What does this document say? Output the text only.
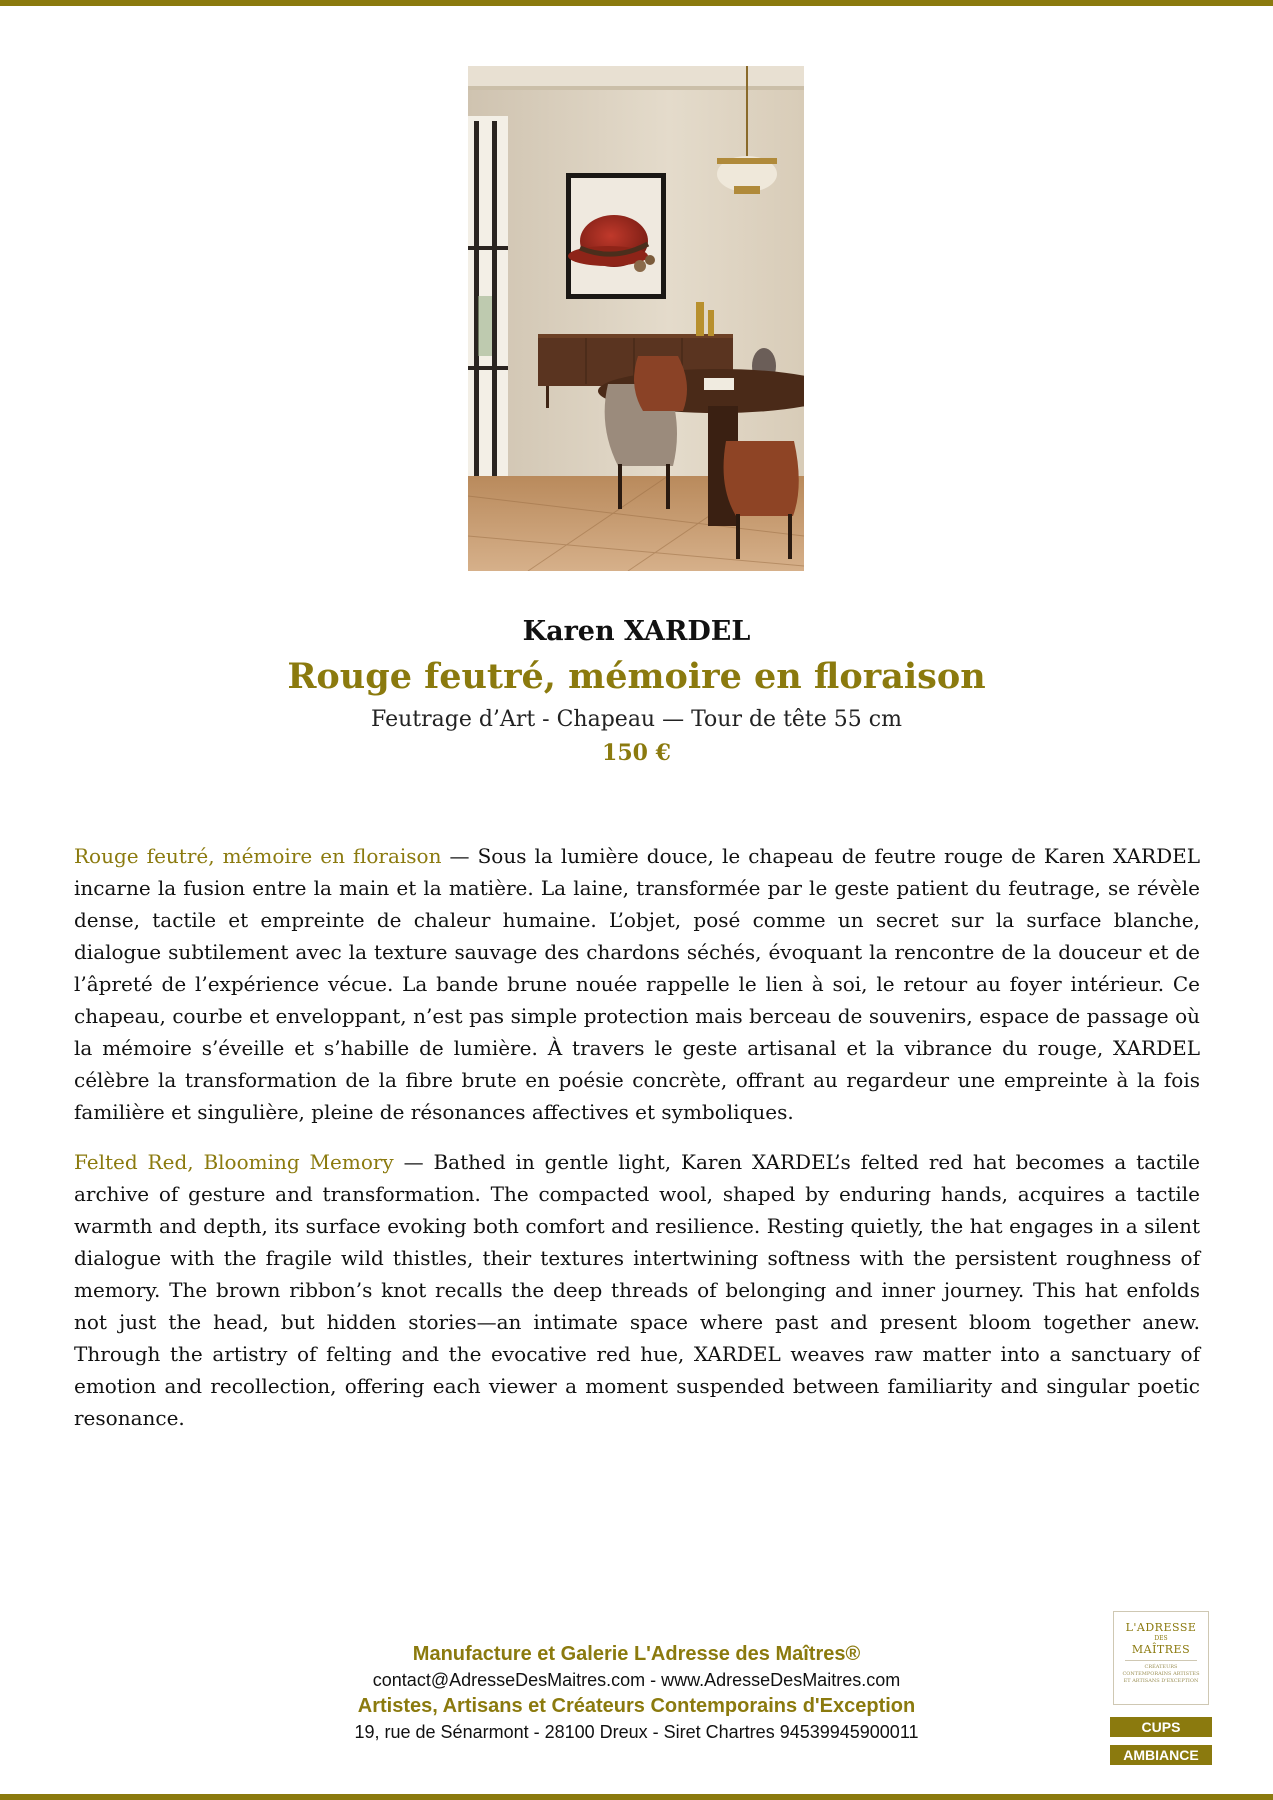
Karen XARDEL
Rouge feutré, mémoire en floraison
Feutrage d’Art - Chapeau — Tour de tête 55 cm
150 €

Rouge feutré, mémoire en floraison — Sous la lumière douce, le chapeau de feutre rouge de Karen XARDEL incarne la fusion entre la main et la matière. La laine, transformée par le geste patient du feutrage, se révèle dense, tactile et empreinte de chaleur humaine. L’objet, posé comme un secret sur la surface blanche, dialogue subtilement avec la texture sauvage des chardons séchés, évoquant la rencontre de la douceur et de l’âpreté de l’expérience vécue. La bande brune nouée rappelle le lien à soi, le retour au foyer intérieur. Ce chapeau, courbe et enveloppant, n’est pas simple protection mais berceau de souvenirs, espace de passage où la mémoire s’éveille et s’habille de lumière. À travers le geste artisanal et la vibrance du rouge, XARDEL célèbre la transformation de la fibre brute en poésie concrète, offrant au regardeur une empreinte à la fois familière et singulière, pleine de résonances affectives et symboliques.

Felted Red, Blooming Memory — Bathed in gentle light, Karen XARDEL’s felted red hat becomes a tactile archive of gesture and transformation. The compacted wool, shaped by enduring hands, acquires a tactile warmth and depth, its surface evoking both comfort and resilience. Resting quietly, the hat engages in a silent dialogue with the fragile wild thistles, their textures intertwining softness with the persistent roughness of memory. The brown ribbon’s knot recalls the deep threads of belonging and inner journey. This hat enfolds not just the head, but hidden stories—an intimate space where past and present bloom together anew. Through the artistry of felting and the evocative red hue, XARDEL weaves raw matter into a sanctuary of emotion and recollection, offering each viewer a moment suspended between familiarity and singular poetic resonance.

Manufacture et Galerie L'Adresse des Maîtres®
contact@AdresseDesMaitres.com - www.AdresseDesMaitres.com
Artistes, Artisans et Créateurs Contemporains d'Exception
19, rue de Sénarmont - 28100 Dreux - Siret Chartres 94539945900011
L'ADRESSE
DES
MAÎTRES
CRÉATEURS CONTEMPORAINS ARTISTES ET ARTISANS D'EXCEPTION
CUPS
AMBIANCE
